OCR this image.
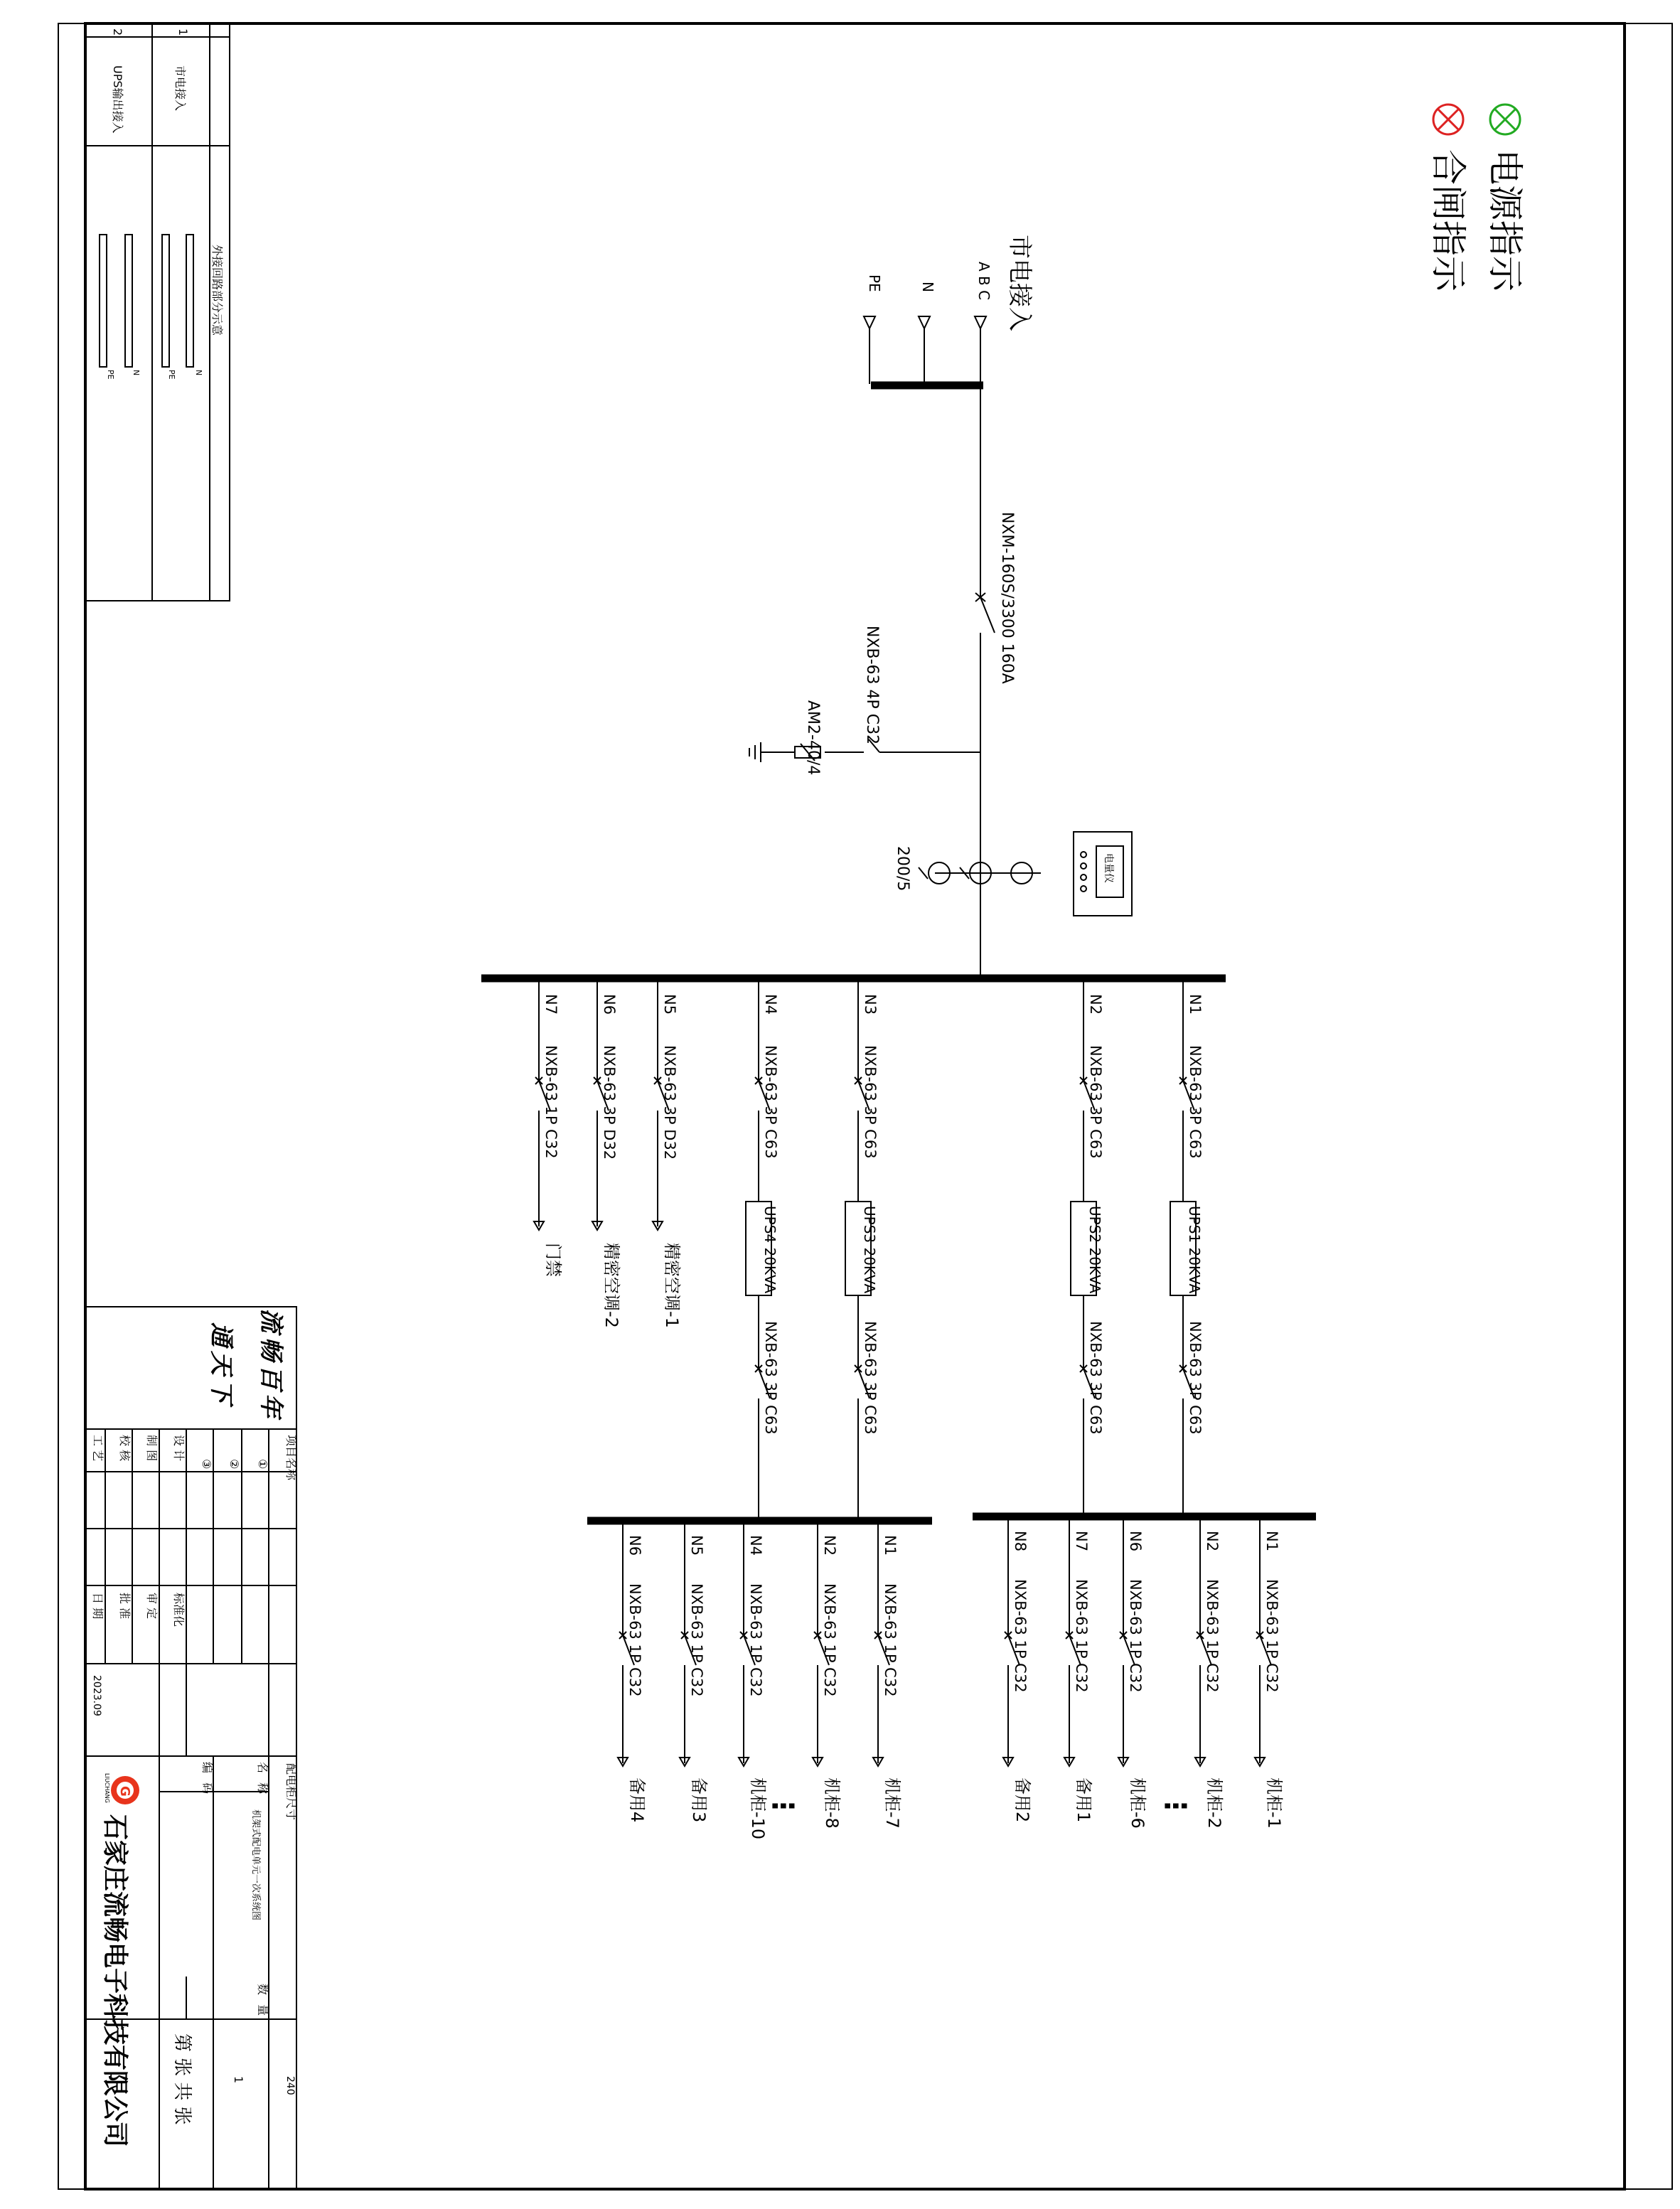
电源指示
合闸指示
市电接入
A B C
N
PE
NXM-160S/3300 160A
NXB-63 4P C32
AM2-40/4
200/5	电量仪
N1
NXB-63 3P C63
UPS1 20KVA
NXB-63 3P C63
N2
NXB-63 3P C63
UPS2 20KVA
NXB-63 3P C63
N3
NXB-63 3P C63
UPS3 20KVA
NXB-63 3P C63
N4
NXB-63 3P C63
UPS4 20KVA
NXB-63 3P C63
N5
NXB-63 3P D32
精密空调-1
N6
NXB-63 3P D32
精密空调-2
N7
NXB-63 1P C32
门禁
N1
NXB-63 1P C32
机柜-1
N2
NXB-63 1P C32
机柜-2
N6
NXB-63 1P C32
机柜-6
N7
NXB-63 1P C32
备用1
N8
NXB-63 1P C32
备用2
N1
NXB-63 1P C32
机柜-7
N2
NXB-63 1P C32
机柜-8
N4
NXB-63 1P C32
机柜-10
N5
NXB-63 1P C32
备用3
N6
NXB-63 1P C32
备用4	⋮
⋮
1
2
市电接入
UPS输出接入
外接回路部分示意
N
PE
N
PE
流畅百年
通天下
项目名称
①
②
③
设 计
制 图
校 核
工 艺
标准化
审 定
批 准
日 期
2023.09
配电柜尺寸
240
名 称
机架式配电单元一次系统图
编 码
数 量
1
第 张 共 张
G
LIUCHANG
石家庄流畅电子科技有限公司
